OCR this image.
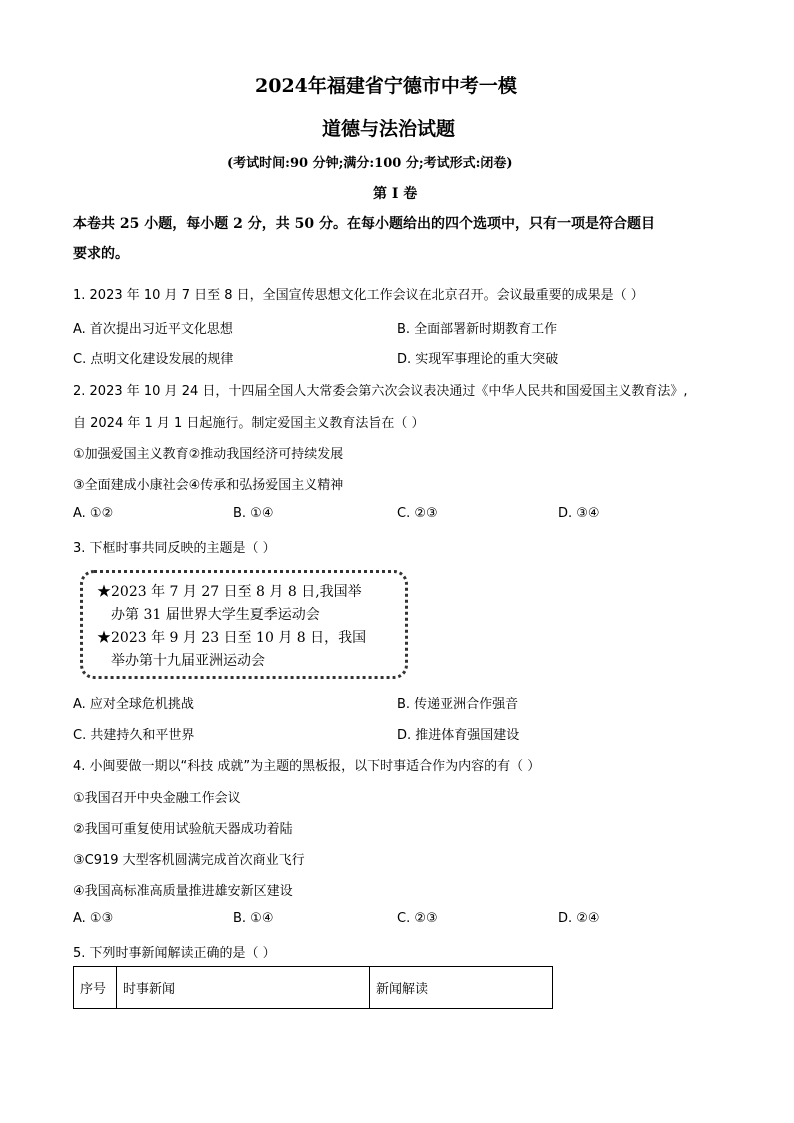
2024年福建省宁德市中考一模
道德与法治试题
(考试时间:90 分钟;满分:100 分;考试形式:闭卷)
第 I 卷
本卷共 25 小题，每小题 2 分，共 50 分。在每小题给出的四个选项中，只有一项是符合题目
要求的。
1. 2023 年 10 月 7 日至 8 日，全国宣传思想文化工作会议在北京召开。会议最重要的成果是（ ）
A. 首次提出习近平文化思想	B. 全面部署新时期教育工作
C. 点明文化建设发展的规律	D. 实现军事理论的重大突破
2. 2023 年 10 月 24 日，十四届全国人大常委会第六次会议表决通过《中华人民共和国爱国主义教育法》,
自 2024 年 1 月 1 日起施行。制定爱国主义教育法旨在（ ）
①加强爱国主义教育②推动我国经济可持续发展
③全面建成小康社会④传承和弘扬爱国主义精神
A. ①②	B. ①④	C. ②③	D. ③④
3. 下框时事共同反映的主题是（ ）
★2023 年 7 月 27 日至 8 月 8 日,我国举
办第 31 届世界大学生夏季运动会
★2023 年 9 月 23 日至 10 月 8 日，我国
举办第十九届亚洲运动会
A. 应对全球危机挑战	B. 传递亚洲合作强音
C. 共建持久和平世界	D. 推进体育强国建设
4. 小闽要做一期以“科技 成就”为主题的黑板报，以下时事适合作为内容的有（ ）
①我国召开中央金融工作会议
②我国可重复使用试验航天器成功着陆
③C919 大型客机圆满完成首次商业飞行
④我国高标准高质量推进雄安新区建设
A. ①③	B. ①④	C. ②③	D. ②④
5. 下列时事新闻解读正确的是（ ）
序号	时事新闻	新闻解读
